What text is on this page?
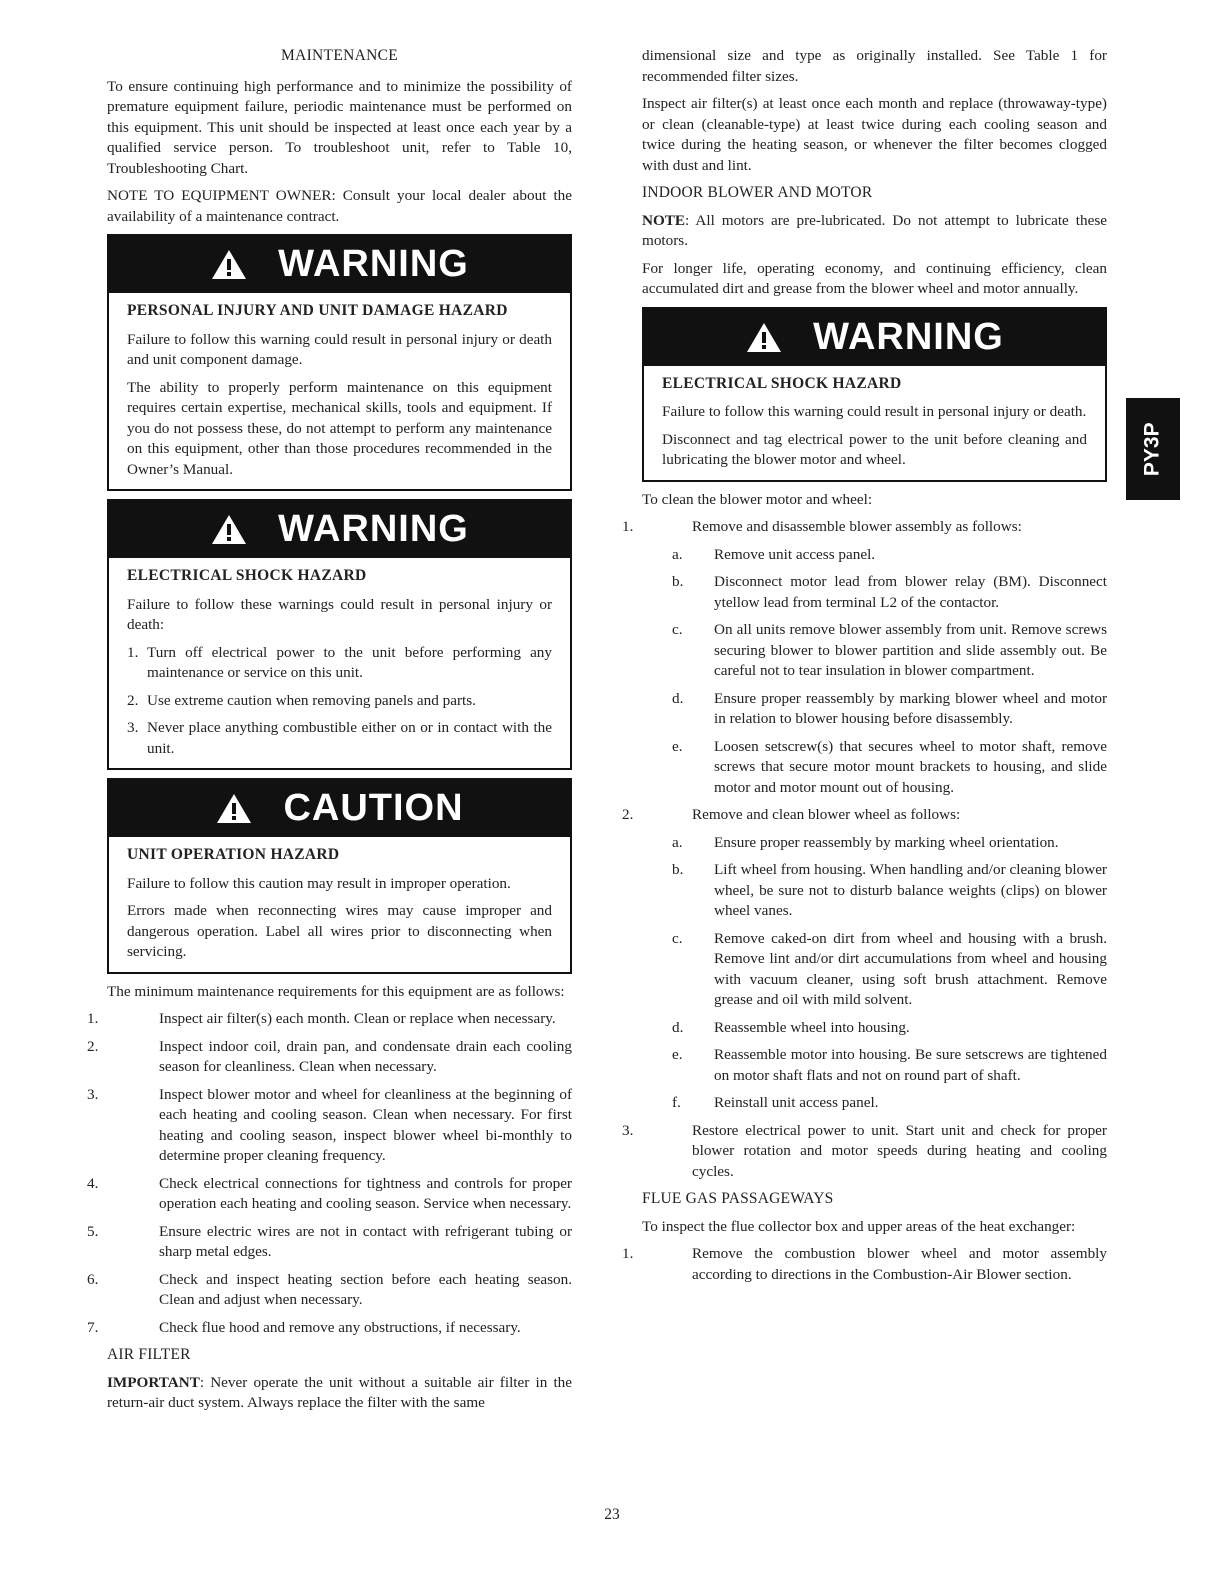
MAINTENANCE

To ensure continuing high performance and to minimize the possibility of premature equipment failure, periodic maintenance must be performed on this equipment. This unit should be inspected at least once each year by a qualified service person. To troubleshoot unit, refer to Table 10, Troubleshooting Chart.

NOTE TO EQUIPMENT OWNER: Consult your local dealer about the availability of a maintenance contract.

WARNING
PERSONAL INJURY AND UNIT DAMAGE HAZARD

Failure to follow this warning could result in personal injury or death and unit component damage.

The ability to properly perform maintenance on this equipment requires certain expertise, mechanical skills, tools and equipment. If you do not possess these, do not attempt to perform any maintenance on this equipment, other than those procedures recommended in the Owner’s Manual.

WARNING
ELECTRICAL SHOCK HAZARD

Failure to follow these warnings could result in personal injury or death:

1. Turn off electrical power to the unit before performing any maintenance or service on this unit.
2. Use extreme caution when removing panels and parts.
3. Never place anything combustible either on or in contact with the unit.
CAUTION
UNIT OPERATION HAZARD

Failure to follow this caution may result in improper operation.

Errors made when reconnecting wires may cause improper and dangerous operation. Label all wires prior to disconnecting when servicing.

The minimum maintenance requirements for this equipment are as follows:

1.	Inspect air filter(s) each month. Clean or replace when necessary.
2.	Inspect indoor coil, drain pan, and condensate drain each cooling season for cleanliness. Clean when necessary.
3.	Inspect blower motor and wheel for cleanliness at the beginning of each heating and cooling season. Clean when necessary. For first heating and cooling season, inspect blower wheel bi-monthly to determine proper cleaning frequency.
4.	Check electrical connections for tightness and controls for proper operation each heating and cooling season. Service when necessary.
5.	Ensure electric wires are not in contact with refrigerant tubing or sharp metal edges.
6.	Check and inspect heating section before each heating season. Clean and adjust when necessary.
7.	Check flue hood and remove any obstructions, if necessary.
AIR FILTER

IMPORTANT: Never operate the unit without a suitable air filter in the return-air duct system. Always replace the filter with the same

dimensional size and type as originally installed. See Table 1 for recommended filter sizes.

Inspect air filter(s) at least once each month and replace (throwaway-type) or clean (cleanable-type) at least twice during each cooling season and twice during the heating season, or whenever the filter becomes clogged with dust and lint.

INDOOR BLOWER AND MOTOR

NOTE: All motors are pre-lubricated. Do not attempt to lubricate these motors.

For longer life, operating economy, and continuing efficiency, clean accumulated dirt and grease from the blower wheel and motor annually.

WARNING
ELECTRICAL SHOCK HAZARD

Failure to follow this warning could result in personal injury or death.

Disconnect and tag electrical power to the unit before cleaning and lubricating the blower motor and wheel.

To clean the blower motor and wheel:

1.	Remove and disassemble blower assembly as follows:
a.	Remove unit access panel.
b.	Disconnect motor lead from blower relay (BM). Disconnect ytellow lead from terminal L2 of the contactor.
c.	On all units remove blower assembly from unit. Remove screws securing blower to blower partition and slide assembly out. Be careful not to tear insulation in blower compartment.
d.	Ensure proper reassembly by marking blower wheel and motor in relation to blower housing before disassembly.
e.	Loosen setscrew(s) that secures wheel to motor shaft, remove screws that secure motor mount brackets to housing, and slide motor and motor mount out of housing.
2.	Remove and clean blower wheel as follows:
a.	Ensure proper reassembly by marking wheel orientation.
b.	Lift wheel from housing. When handling and/or cleaning blower wheel, be sure not to disturb balance weights (clips) on blower wheel vanes.
c.	Remove caked-on dirt from wheel and housing with a brush. Remove lint and/or dirt accumulations from wheel and housing with vacuum cleaner, using soft brush attachment. Remove grease and oil with mild solvent.
d.	Reassemble wheel into housing.
e.	Reassemble motor into housing. Be sure setscrews are tightened on motor shaft flats and not on round part of shaft.
f.	Reinstall unit access panel.
3.	Restore electrical power to unit. Start unit and check for proper blower rotation and motor speeds during heating and cooling cycles.
FLUE GAS PASSAGEWAYS

To inspect the flue collector box and upper areas of the heat exchanger:

1.	Remove the combustion blower wheel and motor assembly according to directions in the Combustion-Air Blower section.
PY3P
23
